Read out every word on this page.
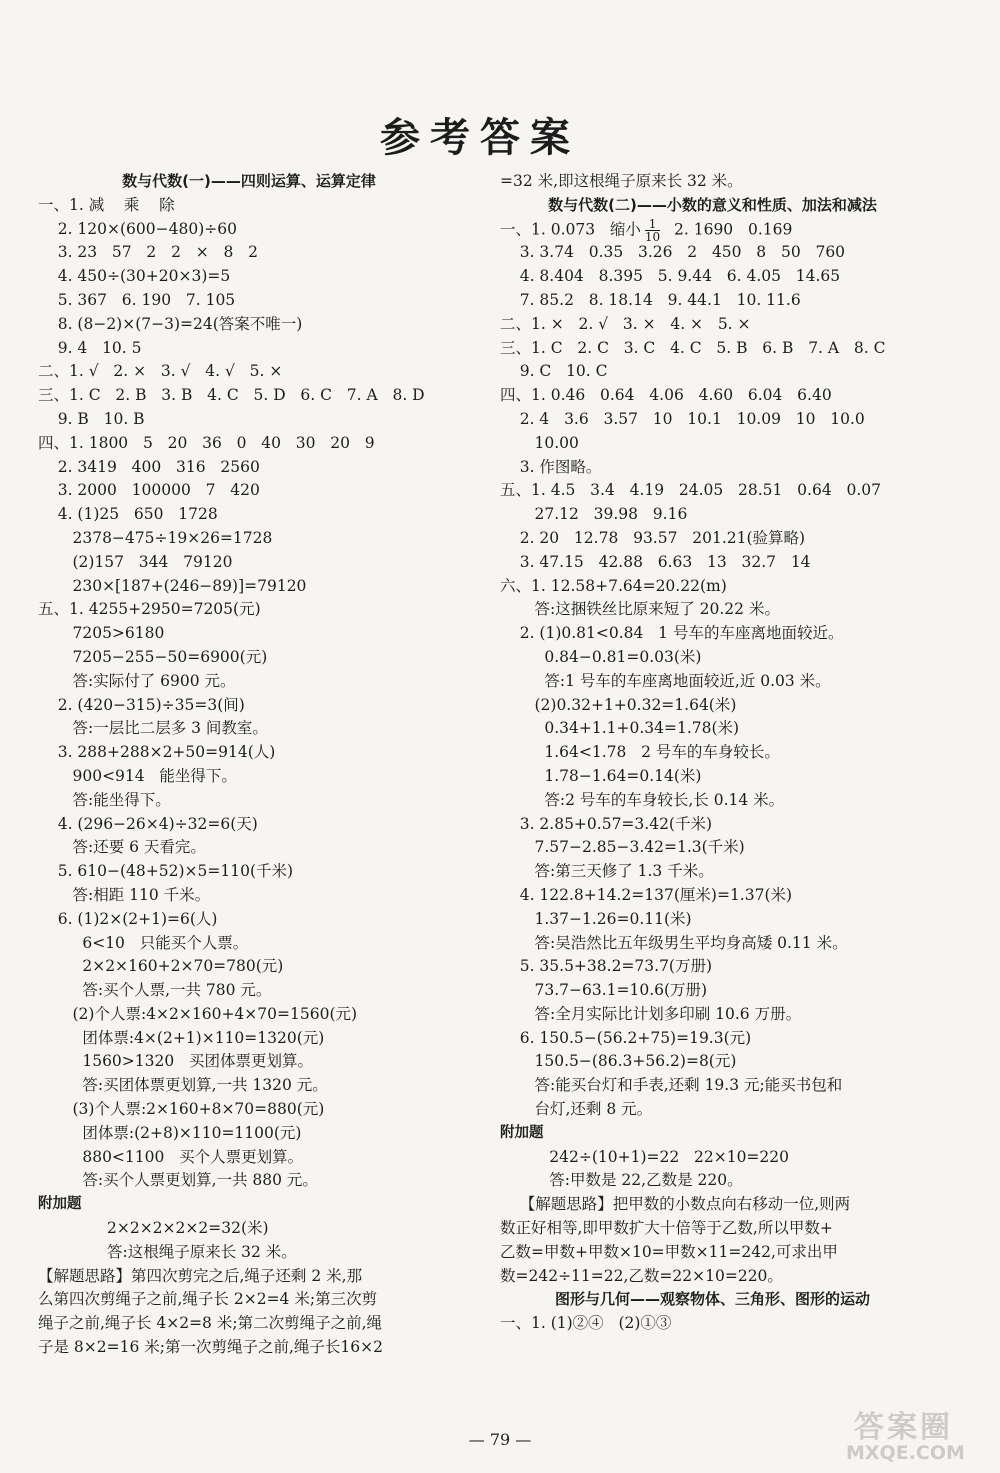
参考答案
数与代数(一)——四则运算、运算定律
一、1. 减    乘    除
2. 120×(600−480)÷60
3. 23   57   2   2   ×   8   2
4. 450÷(30+20×3)=5
5. 367   6. 190   7. 105
8. (8−2)×(7−3)=24(答案不唯一)
9. 4   10. 5
二、1. √   2. ×   3. √   4. √   5. ×
三、1. C   2. B   3. B   4. C   5. D   6. C   7. A   8. D
9. B   10. B
四、1. 1800   5   20   36   0   40   30   20   9
2. 3419   400   316   2560
3. 2000   100000   7   420
4. (1)25   650   1728
2378−475÷19×26=1728
(2)157   344   79120
230×[187+(246−89)]=79120
五、1. 4255+2950=7205(元)
7205>6180
7205−255−50=6900(元)
答:实际付了 6900 元。
2. (420−315)÷35=3(间)
答:一层比二层多 3 间教室。
3. 288+288×2+50=914(人)
900<914   能坐得下。
答:能坐得下。
4. (296−26×4)÷32=6(天)
答:还要 6 天看完。
5. 610−(48+52)×5=110(千米)
答:相距 110 千米。
6. (1)2×(2+1)=6(人)
6<10   只能买个人票。
2×2×160+2×70=780(元)
答:买个人票,一共 780 元。
(2)个人票:4×2×160+4×70=1560(元)
团体票:4×(2+1)×110=1320(元)
1560>1320   买团体票更划算。
答:买团体票更划算,一共 1320 元。
(3)个人票:2×160+8×70=880(元)
团体票:(2+8)×110=1100(元)
880<1100   买个人票更划算。
答:买个人票更划算,一共 880 元。
附加题
2×2×2×2×2=32(米)
答:这根绳子原来长 32 米。
【解题思路】第四次剪完之后,绳子还剩 2 米,那
么第四次剪绳子之前,绳子长 2×2=4 米;第三次剪
绳子之前,绳子长 4×2=8 米;第二次剪绳子之前,绳
子是 8×2=16 米;第一次剪绳子之前,绳子长16×2
=32 米,即这根绳子原来长 32 米。
数与代数(二)——小数的意义和性质、加法和减法
一、1. 0.073   缩小 $\frac{1}{10} 2$. 1690   0.169
3. 3.74   0.35   3.26   2   450   8   50   760
4. 8.404   8.395   5. 9.44   6. 4.05   14.65
7. 85.2   8. 18.14   9. 44.1   10. 11.6
二、1. ×   2. √   3. ×   4. ×   5. ×
三、1. C   2. C   3. C   4. C   5. B   6. B   7. A   8. C
9. C   10. C
四、1. 0.46   0.64   4.06   4.60   6.04   6.40
2. 4   3.6   3.57   10   10.1   10.09   10   10.0
10.00
3. 作图略。
五、1. 4.5   3.4   4.19   24.05   28.51   0.64   0.07
27.12   39.98   9.16
2. 20   12.78   93.57   201.21(验算略)
3. 47.15   42.88   6.63   13   32.7   14
六、1. 12.58+7.64=20.22(m)
答:这捆铁丝比原来短了 20.22 米。
2. (1)0.81<0.84   1 号车的车座离地面较近。
0.84−0.81=0.03(米)
答:1 号车的车座离地面较近,近 0.03 米。
(2)0.32+1+0.32=1.64(米)
0.34+1.1+0.34=1.78(米)
1.64<1.78   2 号车的车身较长。
1.78−1.64=0.14(米)
答:2 号车的车身较长,长 0.14 米。
3. 2.85+0.57=3.42(千米)
7.57−2.85−3.42=1.3(千米)
答:第三天修了 1.3 千米。
4. 122.8+14.2=137(厘米)=1.37(米)
1.37−1.26=0.11(米)
答:吴浩然比五年级男生平均身高矮 0.11 米。
5. 35.5+38.2=73.7(万册)
73.7−63.1=10.6(万册)
答:全月实际比计划多印刷 10.6 万册。
6. 150.5−(56.2+75)=19.3(元)
150.5−(86.3+56.2)=8(元)
答:能买台灯和手表,还剩 19.3 元;能买书包和
台灯,还剩 8 元。
附加题
242÷(10+1)=22   22×10=220
答:甲数是 22,乙数是 220。
【解题思路】把甲数的小数点向右移动一位,则两
数正好相等,即甲数扩大十倍等于乙数,所以甲数+
乙数=甲数+甲数×10=甲数×11=242,可求出甲
数=242÷11=22,乙数=22×10=220。
图形与几何——观察物体、三角形、图形的运动
一、1. (1)②④   (2)①③
— 79 —	答案圈
MXQE.COM
